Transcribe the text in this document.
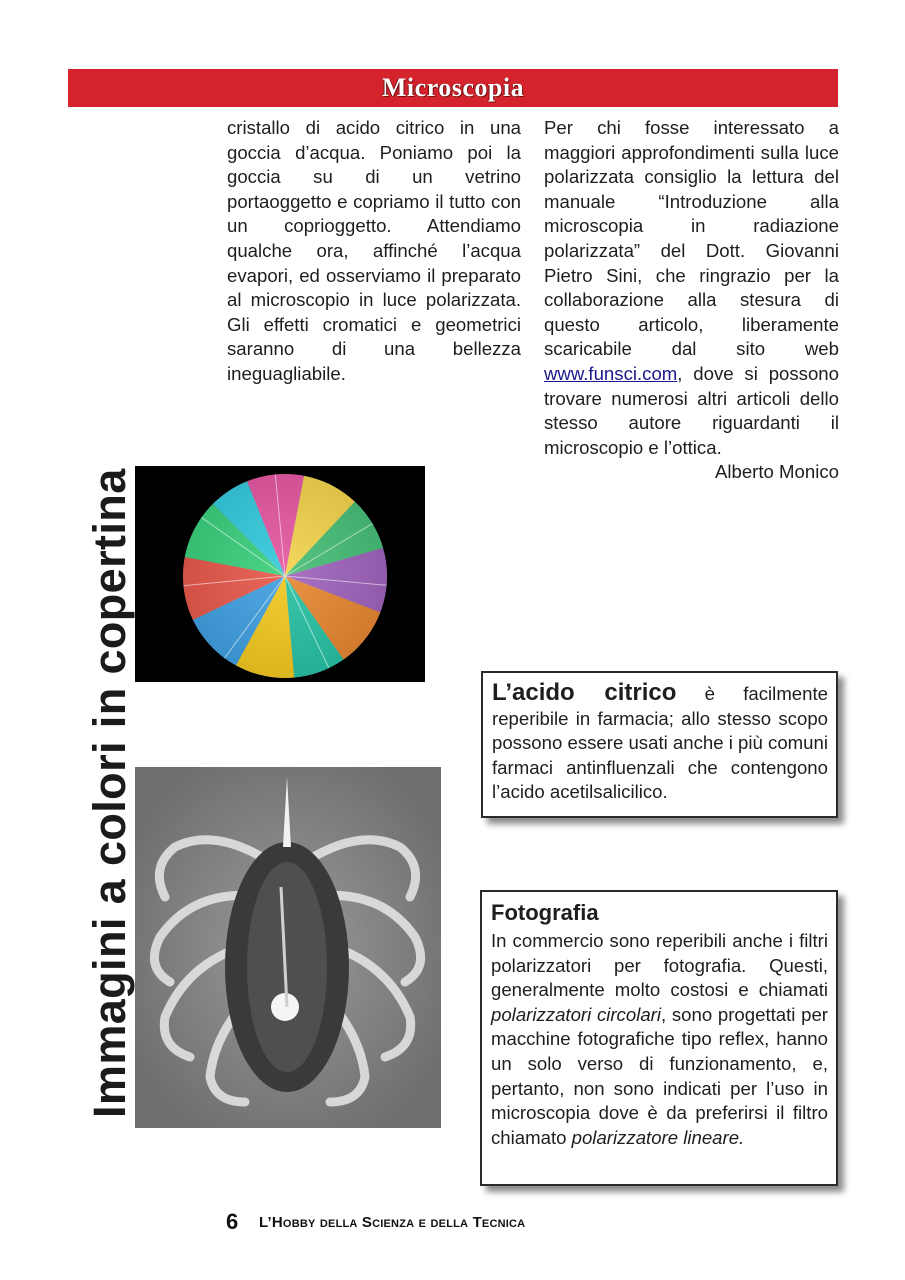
Microscopia

cristallo di acido citrico in una goccia d’acqua. Poniamo poi la goccia su di un vetrino portaoggetto e copriamo il tutto con un coprioggetto. Attendiamo qualche ora, affinché l’acqua evaporі, ed osserviamo il preparato al microscopio in luce polarizzata. Gli effetti cromatici e geometrici saranno di una bellezza ineguagliabile.

Per chi fosse interessato a maggiori approfondimenti sulla luce polarizzata consiglio la lettura del manuale “Introduzione alla microscopia in radiazione polarizzata” del Dott. Giovanni Pietro Sini, che ringrazio per la collaborazione alla stesura di questo articolo, liberamente scaricabile dal sito web www.funsci.com, dove si possono trovare numerosi altri articoli dello stesso autore riguardanti il microscopio e l’ottica.

Alberto Monico

Immagini a colori in copertina	L’acido citrico è facilmente reperibile in farmacia; allo stesso scopo possono essere usati anche i più comuni farmaci antinfluenzali che contengono l’acido acetilsalicilico.

Fotografia

In commercio sono reperibili anche i filtri polarizzatori per fotografia. Questi, generalmente molto costosi e chiamati polarizzatori circolari, sono progettati per macchine fotografiche tipo reflex, hanno un solo verso di funzionamento, e, pertanto, non sono indicati per l’uso in microscopia dove è da preferirsi il filtro chiamato polarizzatore lineare.

6 L’Hobby della Scienza e della Tecnica
